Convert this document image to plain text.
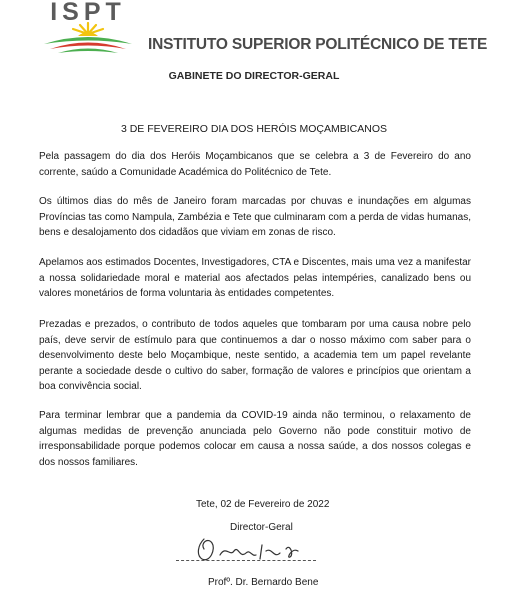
ISPT
INSTITUTO SUPERIOR POLITÉCNICO DE TETE
GABINETE DO DIRECTOR-GERAL
3 DE FEVEREIRO DIA DOS HERÓIS MOÇAMBICANOS
Pela passagem do dia dos Heróis Moçambicanos que se celebra a 3 de Fevereiro do ano corrente, saúdo a Comunidade Académica do Politécnico de Tete.
Os últimos dias do mês de Janeiro foram marcadas por chuvas e inundações em algumas Províncias tas como Nampula, Zambézia e Tete que culminaram com a perda de vidas humanas, bens e desalojamento dos cidadãos que viviam em zonas de risco.
Apelamos aos estimados Docentes, Investigadores, CTA e Discentes, mais uma vez a manifestar a nossa solidariedade moral e material aos afectados pelas intempéries, canalizado bens ou valores monetários de forma voluntaria às entidades competentes.
Prezadas e prezados, o contributo de todos aqueles que tombaram por uma causa nobre pelo país, deve servir de estímulo para que continuemos a dar o nosso máximo com saber para o desenvolvimento deste belo Moçambique, neste sentido, a academia tem um papel revelante perante a sociedade desde o cultivo do saber, formação de valores e princípios que orientam a boa convivência social.
Para terminar lembrar que a pandemia da COVID-19 ainda não terminou, o relaxamento de algumas medidas de prevenção anunciada pelo Governo não pode constituir motivo de irresponsabilidade porque podemos colocar em causa a nossa saúde, a dos nossos colegas e dos nossos familiares.
Tete, 02 de Fevereiro de 2022
Director-Geral
Profº. Dr. Bernardo Bene
